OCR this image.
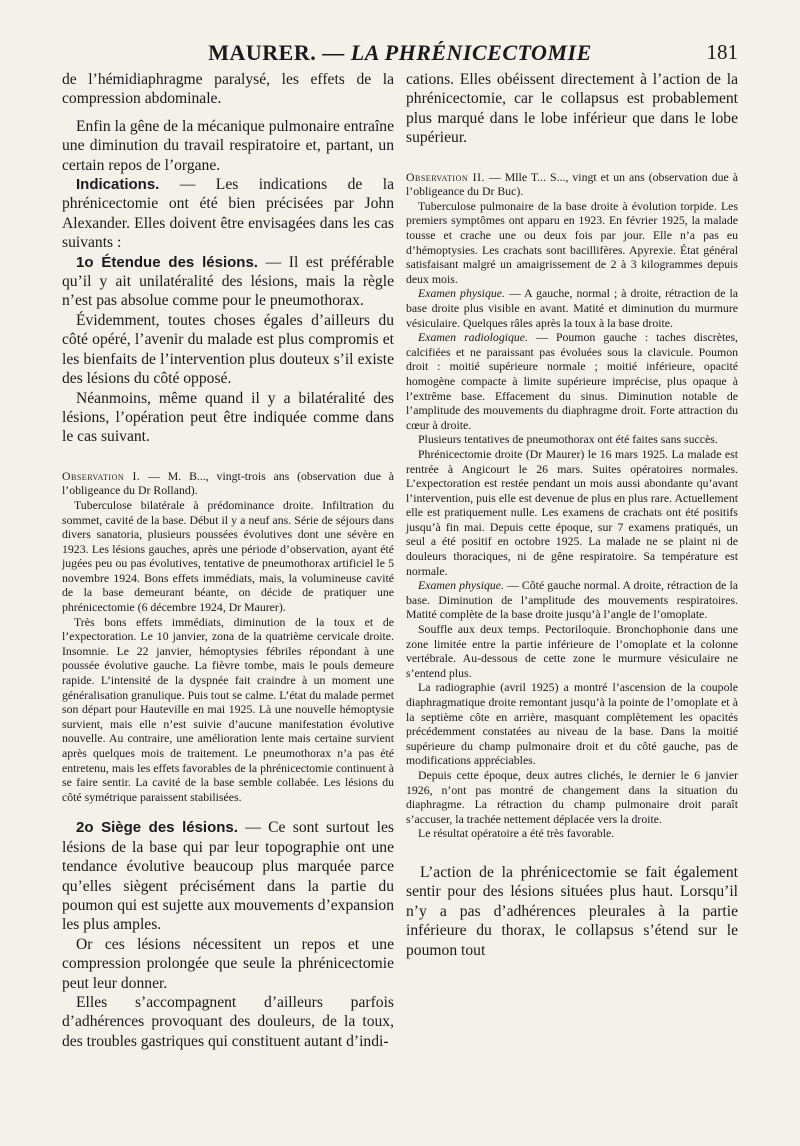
MAURER. — LA PHRÉNICECTOMIE	181

de l’hémidiaphragme paralysé, les effets de la compression abdominale.

Enfin la gêne de la mécanique pulmonaire entraîne une diminution du travail respiratoire et, partant, un certain repos de l’organe.

Indications. — Les indications de la phrénicectomie ont été bien précisées par John Alexander. Elles doivent être envisagées dans les cas suivants :

1o Étendue des lésions. — Il est préférable qu’il y ait unilatéralité des lésions, mais la règle n’est pas absolue comme pour le pneumothorax.

Évidemment, toutes choses égales d’ailleurs du côté opéré, l’avenir du malade est plus compromis et les bienfaits de l’intervention plus douteux s’il existe des lésions du côté opposé.

Néanmoins, même quand il y a bilatéralité des lésions, l’opération peut être indiquée comme dans le cas suivant.

Observation I. — M. B..., vingt-trois ans (observation due à l’obligeance du Dr Rolland).

Tuberculose bilatérale à prédominance droite. Infiltration du sommet, cavité de la base. Début il y a neuf ans. Série de séjours dans divers sanatoria, plusieurs poussées évolutives dont une sévère en 1923. Les lésions gauches, après une période d’observation, ayant été jugées peu ou pas évolutives, tentative de pneumothorax artificiel le 5 novembre 1924. Bons effets immédiats, mais, la volumineuse cavité de la base demeurant béante, on décide de pratiquer une phrénicectomie (6 décembre 1924, Dr Maurer).

Très bons effets immédiats, diminution de la toux et de l’expectoration. Le 10 janvier, zona de la quatrième cervicale droite. Insomnie. Le 22 janvier, hémoptysies fébriles répondant à une poussée évolutive gauche. La fièvre tombe, mais le pouls demeure rapide. L’intensité de la dyspnée fait craindre à un moment une généralisation granulique. Puis tout se calme. L’état du malade permet son départ pour Hauteville en mai 1925. Là une nouvelle hémoptysie survient, mais elle n’est suivie d’aucune manifestation évolutive nouvelle. Au contraire, une amélioration lente mais certaine survient après quelques mois de traitement. Le pneumothorax n’a pas été entretenu, mais les effets favorables de la phrénicectomie continuent à se faire sentir. La cavité de la base semble collabée. Les lésions du côté symétrique paraissent stabilisées.

2o Siège des lésions. — Ce sont surtout les lésions de la base qui par leur topographie ont une tendance évolutive beaucoup plus marquée parce qu’elles siègent précisément dans la partie du poumon qui est sujette aux mouvements d’expansion les plus amples.

Or ces lésions nécessitent un repos et une compression prolongée que seule la phrénicectomie peut leur donner.

Elles s’accompagnent d’ailleurs parfois d’adhérences provoquant des douleurs, de la toux, des troubles gastriques qui constituent autant d’indi-

cations. Elles obéissent directement à l’action de la phrénicectomie, car le collapsus est probablement plus marqué dans le lobe inférieur que dans le lobe supérieur.

Observation II. — Mlle T... S..., vingt et un ans (observation due à l’obligeance du Dr Buc).

Tuberculose pulmonaire de la base droite à évolution torpide. Les premiers symptômes ont apparu en 1923. En février 1925, la malade tousse et crache une ou deux fois par jour. Elle n’a pas eu d’hémoptysies. Les crachats sont bacillifères. Apyrexie. État général satisfaisant malgré un amaigrissement de 2 à 3 kilogrammes depuis deux mois.

Examen physique. — A gauche, normal ; à droite, rétraction de la base droite plus visible en avant. Matité et diminution du murmure vésiculaire. Quelques râles après la toux à la base droite.

Examen radiologique. — Poumon gauche : taches discrètes, calcifiées et ne paraissant pas évoluées sous la clavicule. Poumon droit : moitié supérieure normale ; moitié inférieure, opacité homogène compacte à limite supérieure imprécise, plus opaque à l’extrême base. Effacement du sinus. Diminution notable de l’amplitude des mouvements du diaphragme droit. Forte attraction du cœur à droite.

Plusieurs tentatives de pneumothorax ont été faites sans succès.

Phrénicectomie droite (Dr Maurer) le 16 mars 1925. La malade est rentrée à Angicourt le 26 mars. Suites opératoires normales. L’expectoration est restée pendant un mois aussi abondante qu’avant l’intervention, puis elle est devenue de plus en plus rare. Actuellement elle est pratiquement nulle. Les examens de crachats ont été positifs jusqu’à fin mai. Depuis cette époque, sur 7 examens pratiqués, un seul a été positif en octobre 1925. La malade ne se plaint ni de douleurs thoraciques, ni de gêne respiratoire. Sa température est normale.

Examen physique. — Côté gauche normal. A droite, rétraction de la base. Diminution de l’amplitude des mouvements respiratoires. Matité complète de la base droite jusqu’à l’angle de l’omoplate.

Souffle aux deux temps. Pectoriloquie. Bronchophonie dans une zone limitée entre la partie inférieure de l’omoplate et la colonne vertébrale. Au-dessous de cette zone le murmure vésiculaire ne s’entend plus.

La radiographie (avril 1925) a montré l’ascension de la coupole diaphragmatique droite remontant jusqu’à la pointe de l’omoplate et à la septième côte en arrière, masquant complètement les opacités précédemment constatées au niveau de la base. Dans la moitié supérieure du champ pulmonaire droit et du côté gauche, pas de modifications appréciables.

Depuis cette époque, deux autres clichés, le dernier le 6 janvier 1926, n’ont pas montré de changement dans la situation du diaphragme. La rétraction du champ pulmonaire droit paraît s’accuser, la trachée nettement déplacée vers la droite.

Le résultat opératoire a été très favorable.

L’action de la phrénicectomie se fait également sentir pour des lésions situées plus haut. Lorsqu’il n’y a pas d’adhérences pleurales à la partie inférieure du thorax, le collapsus s’étend sur le poumon tout
